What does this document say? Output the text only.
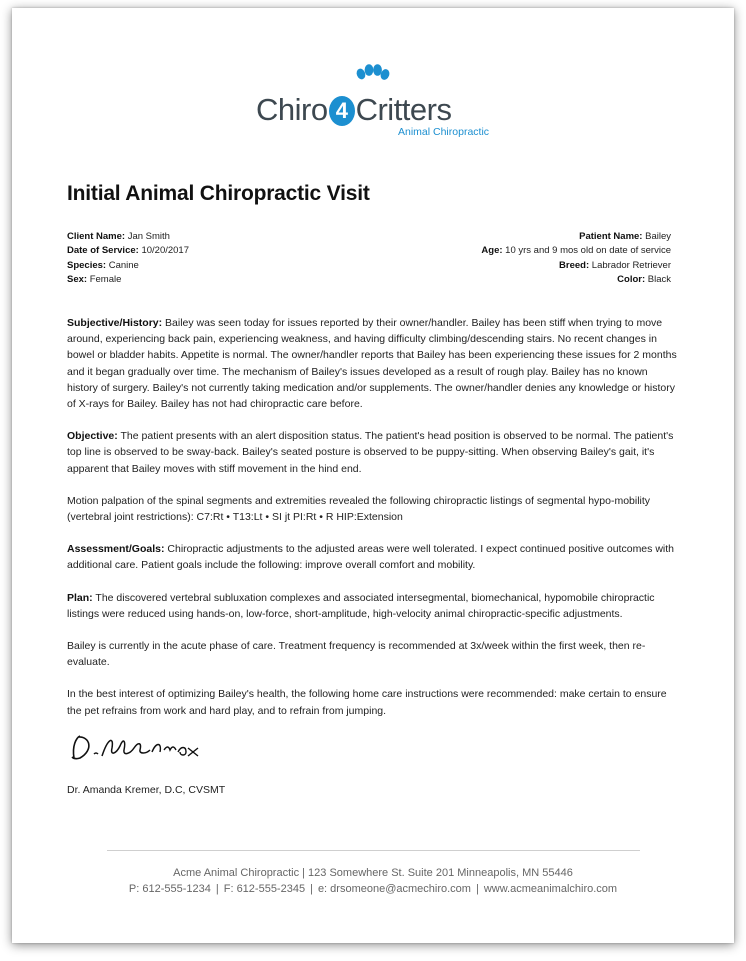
Chiro 4 Critters
Animal Chiropractic
Initial Animal Chiropractic Visit
Client Name: Jan Smith
Date of Service: 10/20/2017
Species: Canine
Sex: Female
Patient Name: Bailey
Age: 10 yrs and 9 mos old on date of service
Breed: Labrador Retriever
Color: Black

Subjective/History: Bailey was seen today for issues reported by their owner/handler. Bailey has been stiff when trying to move around, experiencing back pain, experiencing weakness, and having difficulty climbing/descending stairs. No recent changes in bowel or bladder habits. Appetite is normal. The owner/handler reports that Bailey has been experiencing these issues for 2 months and it began gradually over time. The mechanism of Bailey's issues developed as a result of rough play. Bailey has no known history of surgery. Bailey's not currently taking medication and/or supplements. The owner/handler denies any knowledge or history of X-rays for Bailey. Bailey has not had chiropractic care before.

Objective: The patient presents with an alert disposition status. The patient's head position is observed to be normal. The patient's top line is observed to be sway-back. Bailey's seated posture is observed to be puppy-sitting. When observing Bailey's gait, it's apparent that Bailey moves with stiff movement in the hind end.

Motion palpation of the spinal segments and extremities revealed the following chiropractic listings of segmental hypo-mobility (vertebral joint restrictions): C7:Rt • T13:Lt • SI jt PI:Rt • R HIP:Extension

Assessment/Goals: Chiropractic adjustments to the adjusted areas were well tolerated. I expect continued positive outcomes with additional care. Patient goals include the following: improve overall comfort and mobility.

Plan: The discovered vertebral subluxation complexes and associated intersegmental, biomechanical, hypomobile chiropractic listings were reduced using hands-on, low-force, short-amplitude, high-velocity animal chiropractic-specific adjustments.

Bailey is currently in the acute phase of care. Treatment frequency is recommended at 3x/week within the first week, then re-evaluate.

In the best interest of optimizing Bailey's health, the following home care instructions were recommended: make certain to ensure the pet refrains from work and hard play, and to refrain from jumping.

Dr. Amanda Kremer, D.C, CVSMT
Acme Animal Chiropractic | 123 Somewhere St. Suite 201 Minneapolis, MN 55446
P: 612-555-1234 | F: 612-555-2345 | e: drsomeone@acmechiro.com | www.acmeanimalchiro.com
